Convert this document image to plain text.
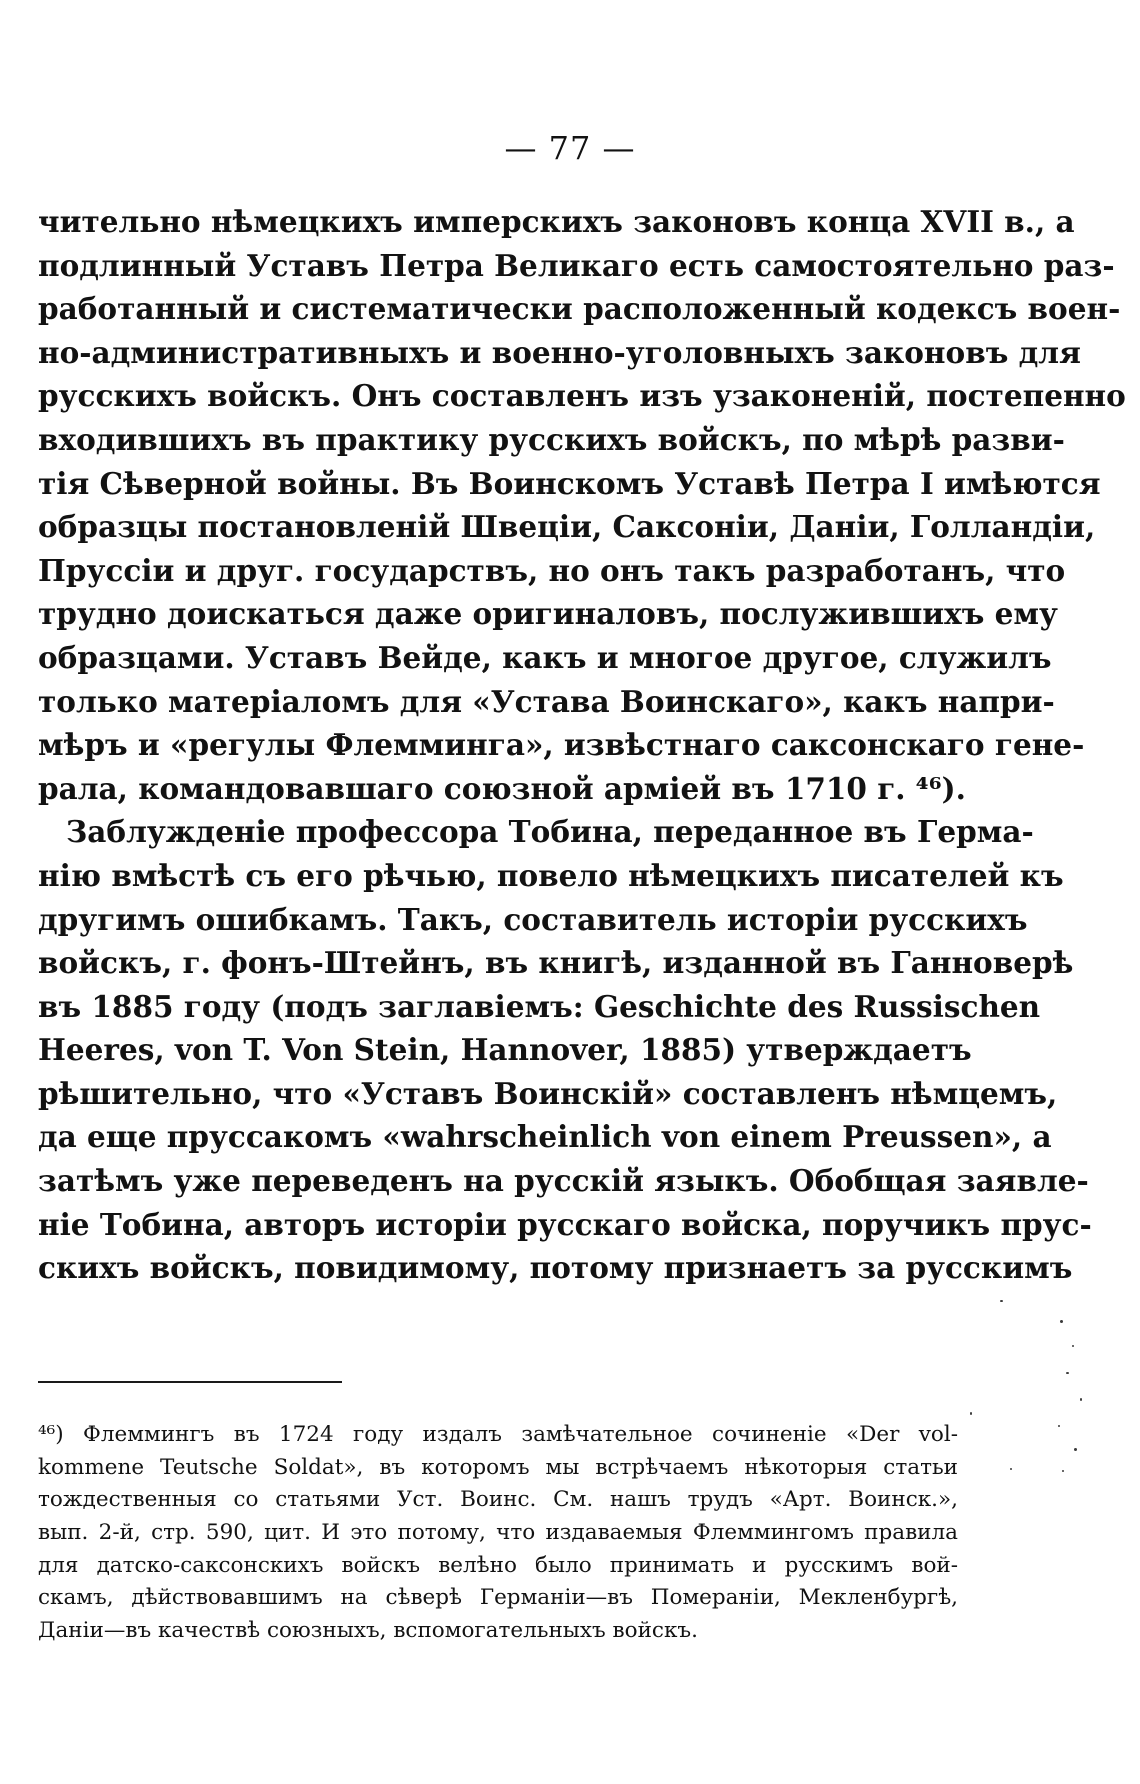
— 77 —
чительно нѣмецкихъ имперскихъ законовъ конца XVII в., а
подлинный Уставъ Петра Великаго есть самостоятельно раз-
работанный и систематически расположенный кодексъ воен-
но-административныхъ и военно-уголовныхъ законовъ для
русскихъ войскъ. Онъ составленъ изъ узаконеній, постепенно
входившихъ въ практику русскихъ войскъ, по мѣрѣ разви-
тія Сѣверной войны. Въ Воинскомъ Уставѣ Петра I имѣются
образцы постановленій Швеціи, Саксоніи, Даніи, Голландіи,
Пруссіи и друг. государствъ, но онъ такъ разработанъ, что
трудно доискаться даже оригиналовъ, послужившихъ ему
образцами. Уставъ Вейде, какъ и многое другое, служилъ
только матеріаломъ для «Устава Воинскаго», какъ напри-
мѣръ и «регулы Флемминга», извѣстнаго саксонскаго гене-
рала, командовавшаго союзной арміей въ 1710 г. ⁴⁶).
Заблужденіе профессора Тобина, переданное въ Герма-
нію вмѣстѣ съ его рѣчью, повело нѣмецкихъ писателей къ
другимъ ошибкамъ. Такъ, составитель исторіи русскихъ
войскъ, г. фонъ-Штейнъ, въ книгѣ, изданной въ Ганноверѣ
въ 1885 году (подъ заглавіемъ: Geschichte des Russischen
Heeres, von T. Von Stein, Hannover, 1885) утверждаетъ
рѣшительно, что «Уставъ Воинскій» составленъ нѣмцемъ,
да еще пруссакомъ «wahrscheinlich von einem Preussen», а
затѣмъ уже переведенъ на русскій языкъ. Обобщая заявле-
ніе Тобина, авторъ исторіи русскаго войска, поручикъ прус-
скихъ войскъ, повидимому, потому признаетъ за русскимъ
⁴⁶) Флеммингъ въ 1724 году издалъ замѣчательное сочиненіе «Der vol-
kommene Teutsche Soldat», въ которомъ мы встрѣчаемъ нѣкоторыя статьи
тождественныя со статьями Уст. Воинс. См. нашъ трудъ «Арт. Воинск.»,
вып. 2-й, стр. 590, цит. И это потому, что издаваемыя Флеммингомъ правила
для датско-саксонскихъ войскъ велѣно было принимать и русскимъ вой-
скамъ, дѣйствовавшимъ на сѣверѣ Германіи—въ Помераніи, Мекленбургѣ,
Даніи—въ качествѣ союзныхъ, вспомогательныхъ войскъ.
